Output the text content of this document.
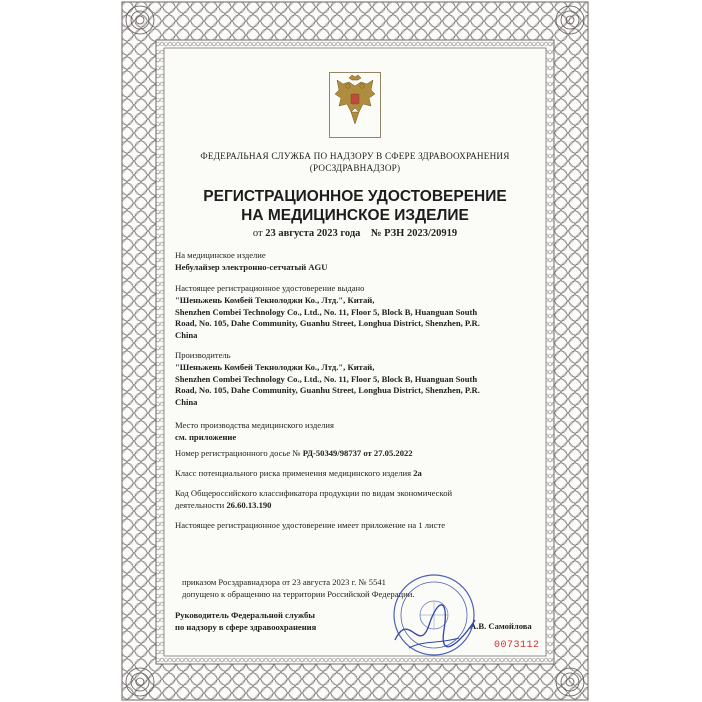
ФЕДЕРАЛЬНАЯ СЛУЖБА ПО НАДЗОРУ В СФЕРЕ ЗДРАВООХРАНЕНИЯ
(РОСЗДРАВНАДЗОР)
РЕГИСТРАЦИОННОЕ УДОСТОВЕРЕНИЕ
НА МЕДИЦИНСКОЕ ИЗДЕЛИЕ
от 23 августа 2023 года № РЗН 2023/20919
На медицинское изделие
Небулайзер электронно-сетчатый AGU
Настоящее регистрационное удостоверение выдано
"Шеньжень Комбей Текнолоджи Ко., Лтд.", Китай,
Shenzhen Combei Technology Co., Ltd., No. 11, Floor 5, Block B, Huanguan South
Road, No. 105, Dahe Community, Guanhu Street, Longhua District, Shenzhen, P.R.
China
Производитель
"Шеньжень Комбей Текнолоджи Ко., Лтд.", Китай,
Shenzhen Combei Technology Co., Ltd., No. 11, Floor 5, Block B, Huanguan South
Road, No. 105, Dahe Community, Guanhu Street, Longhua District, Shenzhen, P.R.
China
Место производства медицинского изделия
см. приложение
Номер регистрационного досье № РД-50349/98737 от 27.05.2022
Класс потенциального риска применения медицинского изделия 2а
Код Общероссийского классификатора продукции по видам экономической
деятельности 26.60.13.190
Настоящее регистрационное удостоверение имеет приложение на 1 листе
приказом Росздравнадзора от 23 августа 2023 г. № 5541
допущено к обращению на территории Российской Федерации.
Руководитель Федеральной службы
по надзору в сфере здравоохранения	А.В. Самойлова
0073112
